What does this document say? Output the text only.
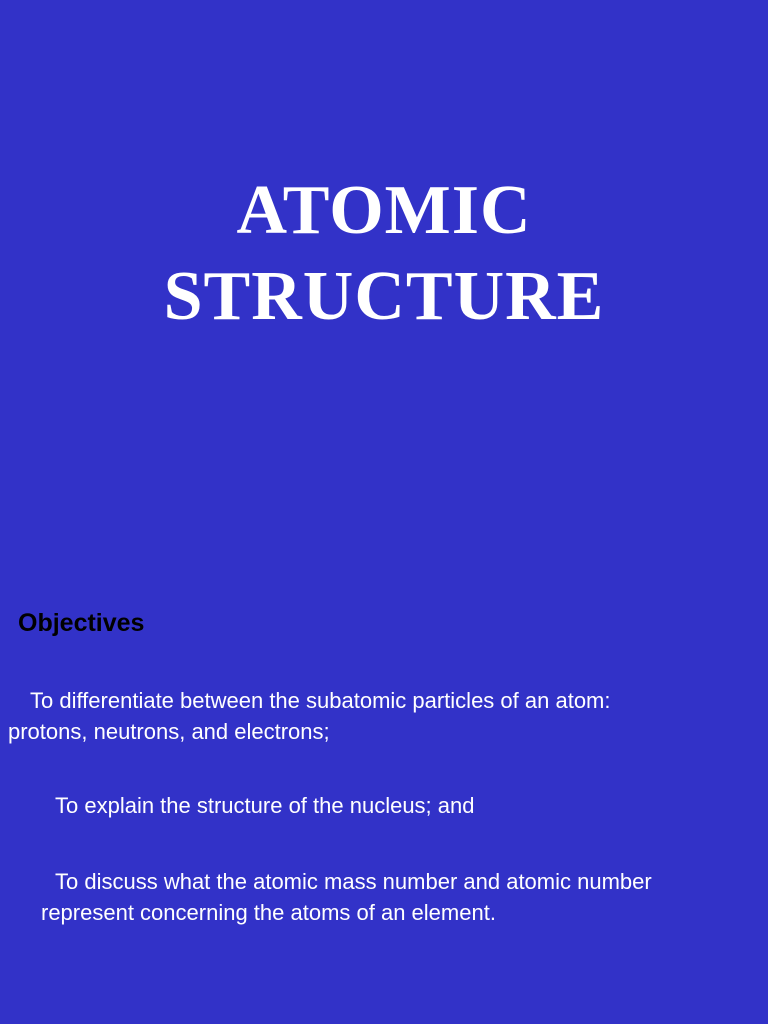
ATOMIC
STRUCTURE
Objectives
To differentiate between the subatomic particles of an atom:
protons, neutrons, and electrons;
To explain the structure of the nucleus; and
To discuss what the atomic mass number and atomic number
represent concerning the atoms of an element.
